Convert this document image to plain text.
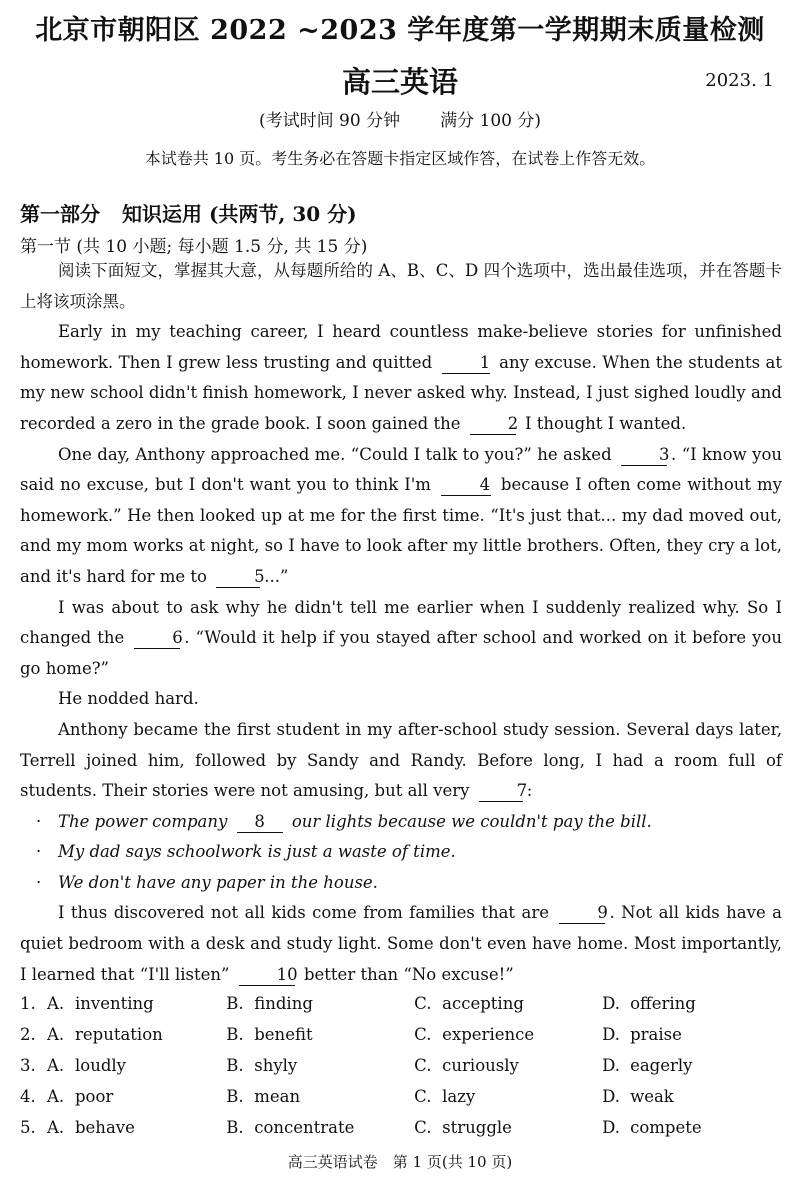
北京市朝阳区 2022 ~2023 学年度第一学期期末质量检测
高三英语	2023. 1
(考试时间 90 分钟 满分 100 分)
本试卷共 10 页。考生务必在答题卡指定区域作答，在试卷上作答无效。
第一部分 知识运用 (共两节, 30 分)
第一节 (共 10 小题; 每小题 1.5 分, 共 15 分)

阅读下面短文，掌握其大意，从每题所给的 A、B、C、D 四个选项中，选出最佳选项，并在答题卡上将该项涂黑。

Early in my teaching career, I heard countless make-believe stories for unfinished homework. Then I grew less trusting and quitted	1 any excuse. When the students at my new school didn't finish homework, I never asked why. Instead, I just sighed loudly and recorded a zero in the grade book. I soon gained the	2 I thought I wanted.

One day, Anthony approached me. “Could I talk to you?” he asked	3. “I know you said no excuse, but I don't want you to think I'm	4 because I often come without my homework.” He then looked up at me for the first time. “It's just that... my dad moved out, and my mom works at night, so I have to look after my little brothers. Often, they cry a lot, and it's hard for me to	5...”

I was about to ask why he didn't tell me earlier when I suddenly realized why. So I changed the	6. “Would it help if you stayed after school and worked on it before you go home?”

He nodded hard.

Anthony became the first student in my after-school study session. Several days later, Terrell joined him, followed by Sandy and Randy. Before long, I had a room full of students. Their stories were not amusing, but all very	7:

· The power company 8 our lights because we couldn't pay the bill.

· My dad says schoolwork is just a waste of time.

· We don't have any paper in the house.

I thus discovered not all kids come from families that are	9. Not all kids have a quiet bedroom with a desk and study light. Some don't even have home. Most importantly, I learned that “I'll listen”	10 better than “No excuse!”

1. A. inventing	B. finding	C. accepting	D. offering
2. A. reputation	B. benefit	C. experience	D. praise
3. A. loudly	B. shyly	C. curiously	D. eagerly
4. A. poor	B. mean	C. lazy	D. weak
5. A. behave	B. concentrate	C. struggle	D. compete
高三英语试卷　第 1 页(共 10 页)
